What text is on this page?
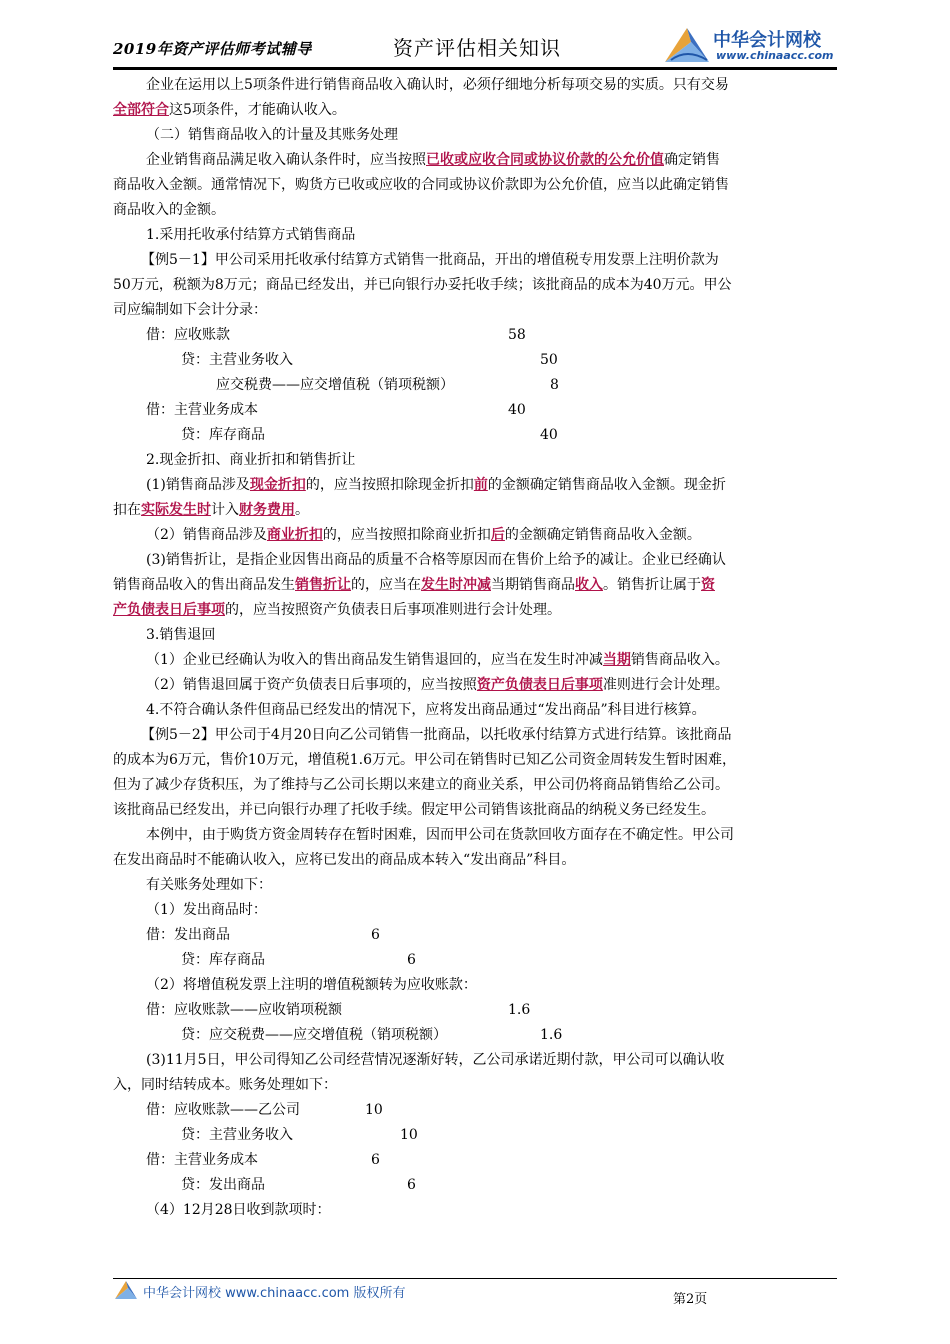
2019年资产评估师考试辅导	资产评估相关知识	中华会计网校
www.chinaacc.com
企业在运用以上5项条件进行销售商品收入确认时，必须仔细地分析每项交易的实质。只有交易
全部符合这5项条件，才能确认收入。
（二）销售商品收入的计量及其账务处理
企业销售商品满足收入确认条件时，应当按照已收或应收合同或协议价款的公允价值确定销售
商品收入金额。通常情况下，购货方已收或应收的合同或协议价款即为公允价值，应当以此确定销售
商品收入的金额。
1.采用托收承付结算方式销售商品
【例5－1】甲公司采用托收承付结算方式销售一批商品，开出的增值税专用发票上注明价款为
50万元，税额为8万元；商品已经发出，并已向银行办妥托收手续；该批商品的成本为40万元。甲公
司应编制如下会计分录：
借：应收账款	58
贷：主营业务收入	50
应交税费——应交增值税（销项税额）	8
借：主营业务成本	40
贷：库存商品	40
2.现金折扣、商业折扣和销售折让
(1)销售商品涉及现金折扣的，应当按照扣除现金折扣前的金额确定销售商品收入金额。现金折
扣在实际发生时计入财务费用。
（2）销售商品涉及商业折扣的，应当按照扣除商业折扣后的金额确定销售商品收入金额。
(3)销售折让，是指企业因售出商品的质量不合格等原因而在售价上给予的减让。企业已经确认
销售商品收入的售出商品发生销售折让的，应当在发生时冲减当期销售商品收入。销售折让属于资
产负债表日后事项的，应当按照资产负债表日后事项准则进行会计处理。
3.销售退回
（1）企业已经确认为收入的售出商品发生销售退回的，应当在发生时冲减当期销售商品收入。
（2）销售退回属于资产负债表日后事项的，应当按照资产负债表日后事项准则进行会计处理。
4.不符合确认条件但商品已经发出的情况下，应将发出商品通过“发出商品”科目进行核算。
【例5－2】甲公司于4月20日向乙公司销售一批商品，以托收承付结算方式进行结算。该批商品
的成本为6万元，售价10万元，增值税1.6万元。甲公司在销售时已知乙公司资金周转发生暂时困难，
但为了减少存货积压，为了维持与乙公司长期以来建立的商业关系，甲公司仍将商品销售给乙公司。
该批商品已经发出，并已向银行办理了托收手续。假定甲公司销售该批商品的纳税义务已经发生。
本例中，由于购货方资金周转存在暂时困难，因而甲公司在货款回收方面存在不确定性。甲公司
在发出商品时不能确认收入，应将已发出的商品成本转入“发出商品”科目。
有关账务处理如下：
（1）发出商品时：
借：发出商品	6
贷：库存商品	6
（2）将增值税发票上注明的增值税额转为应收账款：
借：应收账款——应收销项税额	1.6
贷：应交税费——应交增值税（销项税额）	1.6
(3)11月5日，甲公司得知乙公司经营情况逐渐好转，乙公司承诺近期付款，甲公司可以确认收
入，同时结转成本。账务处理如下：
借：应收账款——乙公司	10
贷：主营业务收入	10
借：主营业务成本	6
贷：发出商品	6
（4）12月28日收到款项时：
中华会计网校 www.chinaacc.com 版权所有	第2页
